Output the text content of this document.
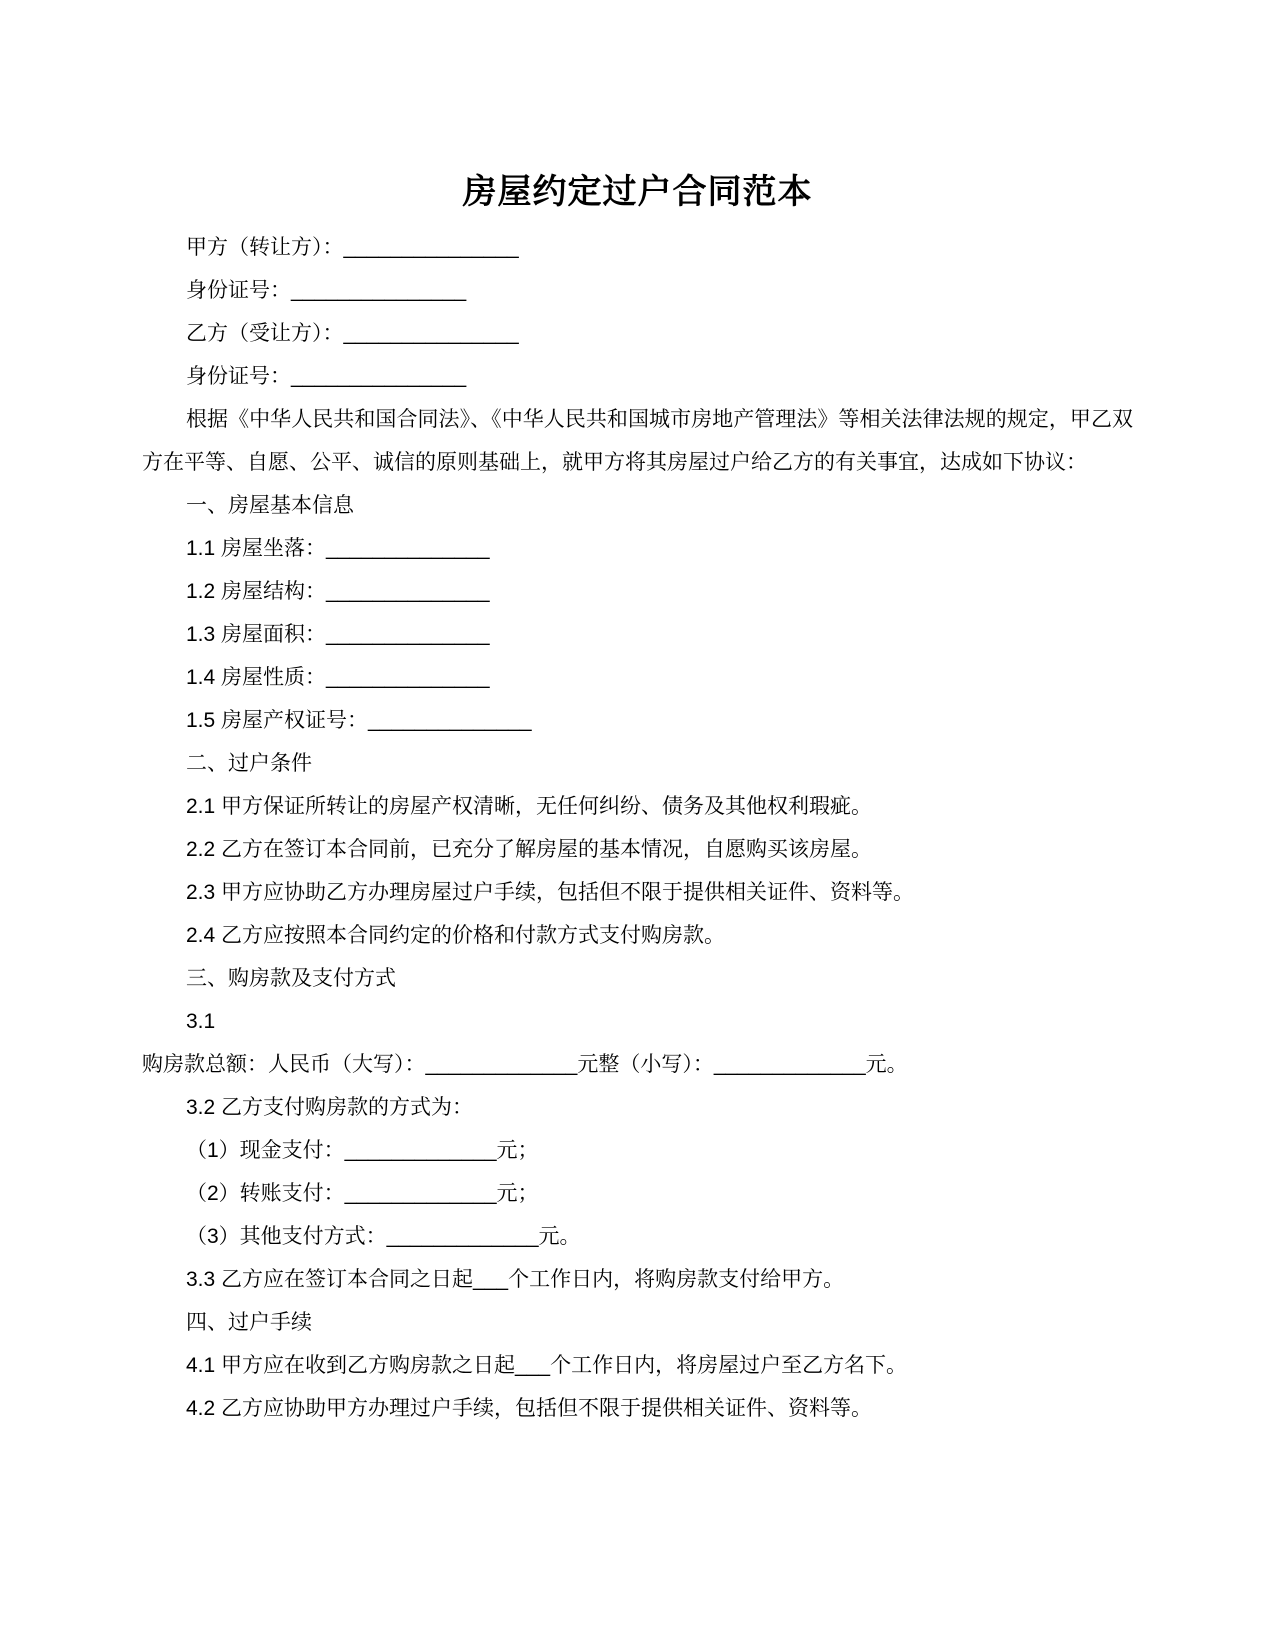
房屋约定过户合同范本

甲方（转让方）：_______________

身份证号：_______________

乙方（受让方）：_______________

身份证号：_______________

根据《中华人民共和国合同法》、《中华人民共和国城市房地产管理法》等相关法律法规的规定，甲乙双方在平等、自愿、公平、诚信的原则基础上，就甲方将其房屋过户给乙方的有关事宜，达成如下协议：

一、房屋基本信息

1.1 房屋坐落：______________

1.2 房屋结构：______________

1.3 房屋面积：______________

1.4 房屋性质：______________

1.5 房屋产权证号：______________

二、过户条件

2.1 甲方保证所转让的房屋产权清晰，无任何纠纷、债务及其他权利瑕疵。

2.2 乙方在签订本合同前，已充分了解房屋的基本情况，自愿购买该房屋。

2.3 甲方应协助乙方办理房屋过户手续，包括但不限于提供相关证件、资料等。

2.4 乙方应按照本合同约定的价格和付款方式支付购房款。

三、购房款及支付方式

3.1

购房款总额：人民币（大写）：_____________元整（小写）：_____________元。

3.2 乙方支付购房款的方式为：

（1）现金支付：_____________元；

（2）转账支付：_____________元；

（3）其他支付方式：_____________元。

3.3 乙方应在签订本合同之日起___个工作日内，将购房款支付给甲方。

四、过户手续

4.1 甲方应在收到乙方购房款之日起___个工作日内，将房屋过户至乙方名下。

4.2 乙方应协助甲方办理过户手续，包括但不限于提供相关证件、资料等。
